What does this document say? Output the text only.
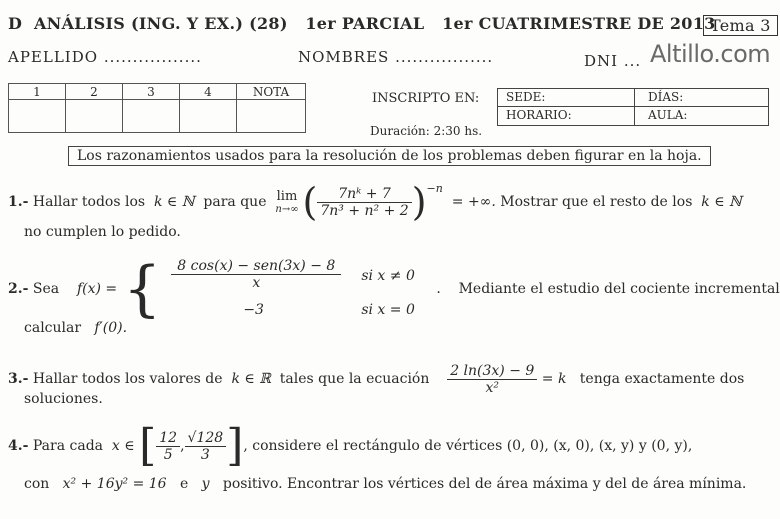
D ANÁLISIS (ING. Y EX.) (28) 1er PARCIAL 1er CUATRIMESTRE DE 2013
Tema 3
APELLIDO .................	NOMBRES .................	DNI ... Altillo.com
1	2	3	4	NOTA
					INSCRIPTO EN: SEDE:	DÍAS:
HORARIO:	AULA:
Duración: 2:30 hs.
Los razonamientos usados para la resolución de los problemas deben figurar en la hoja.
1.-
Hallar todos los
k ∈ ℕ
para que
lim
n→∞ ( $\frac{\text{7nᵏ + 7}}{\text{7n³ + n² + 2}} )^{-n}$

= +∞.
Mostrar que el resto de los
k ∈ ℕ
no cumplen lo pedido.
2.-
Sea
f(x) = {	8 cos(x) − sen(3x) − 8
x	si x ≠ 0
−3	si x = 0
. Mediante el estudio del cociente incremental
calcular f′(0).
3.-
Hallar todos los valores de
k ∈ ℝ
tales que la ecuación
$\frac{2 \ln(3x) - 9}{\text{x²}}$
= k
tenga exactamente dos
soluciones.
4.-
Para cada
x ∈
[ $\frac{12}{5}$ , $\frac{√128}{3}$ ] , considere el rectángulo de vértices (0, 0), (x, 0), (x, y) y (0, y),
con x² + 16y² = 16 e y positivo. Encontrar los vértices del de área máxima y del de área mínima.
